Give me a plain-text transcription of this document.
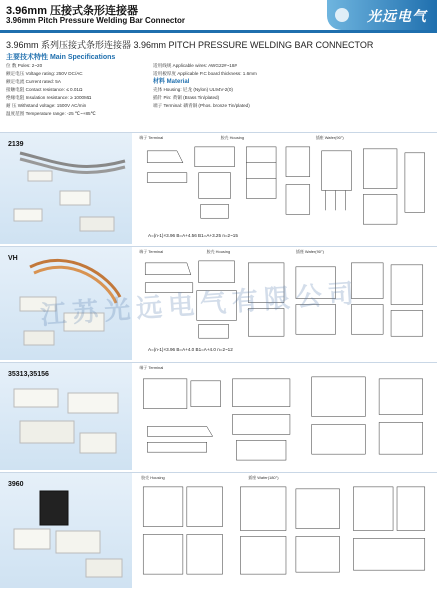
3.96mm 压接式条形连接器
3.96mm Pitch Pressure Welding Bar Connector	光远电气
3.96mm 系列压接式条形连接器 3.96mm PITCH PRESSURE WELDING BAR CONNECTOR
主要技术特性 Main Specifications
位 数 Poles: 2~20
额定电压 Voltage rating: 250V DC/AC
额定电流 Current rated: 5A
接触电阻 Contact resistance: ≤ 0.01Ω
绝缘电阻 Insulation resistance: ≥ 1000MΩ
耐 压 Withstand voltage: 1500V AC/min
温度范围 Temperature range: -25 ℃~+85℃
适用线规 Applicable wires: AWG22#~18#
适用板厚度 Applicable P.C board thickness: 1.6mm
材料 Material
壳体 Housing: 尼龙 (Nylon) UL94V-2(0)
插针 Pin: 黄铜 (Brass Tin/plated)
端子 Terminal: 磷青铜 (Phos. bronze Tin/plated)
2139
端子 Terminal	胶壳 Housing	插座 Wafer(90°)
A=(n-1)×3.96 B=A+4.56 B1=A+3.25 n=2~15
VH
端子 Terminal	胶壳 Housing	插座 Wafer(90°)
A=(n-1)×3.96 B=A+4.0 B1=A+4.0 n=2~12
江苏光远电气有限公司
35313,35156
端子 Terminal
3960
胶壳 Housing	插座 Wafer(180°)
